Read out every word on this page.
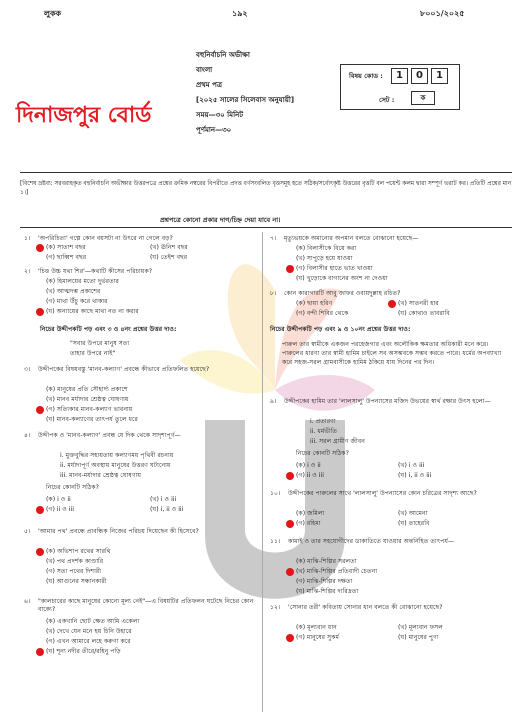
লুকক	১৯২	৮০০১/২০২৫
বহুনির্বাচনি অভীক্ষা
বাংলা
প্রথম পত্র
[২০২৫ সালের সিলেবাস অনুযায়ী]
সময়—৩০ মিনিট
পূর্ণমান—৩০
দিনাজপুর বোর্ড
বিষয় কোড :	1	0	1
সেট :	ক
[বিশেষ দ্রষ্টব্য: সরবরাহকৃত বহুনির্বাচনি অভীক্ষার উত্তরপত্রে প্রশ্নের ক্রমিক নম্বরের বিপরীতে প্রদত্ত বর্ণসংবলিত বৃত্তসমূহ হতে সঠিক/সর্বোৎকৃষ্ট উত্তরের বৃত্তটি বল পয়েন্ট কলম দ্বারা সম্পূর্ণ ভরাট কর। প্রতিটি প্রশ্নের মান ১।]
প্রশ্নপত্রে কোনো প্রকার দাগ/চিহ্ন দেয়া যাবে না।
১। 'অপরিচিতা' গল্পে কোন বয়সটা না উৎরে না গেলে বড়?
(ক) সাতাশ বছর	(খ) ঊনিশ বছর
(গ) ছাব্বিশ বছর	(ঘ) তেইশ বছর
২। 'চিত্ত উচ্চ যথা শির'—কথাটি কীসের পরিচায়ক?
(ক) হিমালয়ের মতো দুর্ভরতার
(খ) আত্মদম্ভ প্রকাশের
(গ) মাথা উঁচু করে থাকার
(ঘ) অন্যায়ের কাছে মাথা নত না করার
নিচের উদ্দীপকটি পড় এবং ৩ ও ৪নং প্রশ্নের উত্তর দাও:
"সবার উপরে মানুষ সত্য
তাহার উপরে নাই"
৩। উদ্দীপকের বিষয়বস্তু 'মানব-কল্যাণ' প্রবন্ধে কীভাবে প্রতিফলিত হয়েছে?
(ক) মানুষের প্রতি সৌহার্দ্য প্রকাশে
(খ) মানব মর্যাদার শ্রেষ্ঠত্ব ঘোষণায়
(গ) সত্যিকার মানব-কল্যাণ ভাবনায়
(ঘ) মানব-কল্যাণের তাৎপর্য তুলে ধরে
৪। উদ্দীপক ও 'মানব-কল্যাণ' প্রবন্ধ যে দিক থেকে সাদৃশ্যপূর্ণ—
i. মুক্তবুদ্ধির সহায়তায় কল্যাণময় পৃথিবী রচনায়
ii. মর্যাদাপূর্ণ অবস্থায় মানুষের উত্তরণ ঘটানোয়
iii. মানব-মর্যাদার শ্রেষ্ঠত্ব ঘোষণায়
নিচের কোনটি সঠিক?
(ক) i ও ii	(খ) i ও iii
(গ) ii ও iii	(ঘ) i, ii ও iii
৫। 'আমার পথ' প্রবন্ধে প্রাবন্ধিক নিজের পরিচয় দিয়েছেন কী হিসেবে?
(ক) অভিশাপ রথের সারথি
(খ) পথ প্রদর্শক কাণ্ডারি
(গ) সত্য পথের দিশারী
(ঘ) আগুনের সন্ধানকারী
৬। "কালচারের কাছে মানুষের কোনো মূল্য নেই"—এ বিষয়টির প্রতিফলন ঘটেছে নিচের কোন বাক্যে?
(ক) একখানি ছোট ক্ষেত আমি একেলা
(খ) দেখে যেন মনে হয় চিনি উহারে
(গ) এখন আমারে লহে করুণা করে
(ঘ) শূন্য নদীর তীরে/রহিনু পড়ি
৭। মৃত্যুভয়কে অমান্যের অপমান বলতে বোঝানো হয়েছে—
(ক) বিলাসীকে বিয়ে করা
(খ) সাপুড়ে হয়ে যাওয়া
(গ) বিলাসীর হাতে ভাত খাওয়া
(ঘ) খুড়োকে বাগানের অংশ না দেওয়া
৮। কোন কারাগারটি আবু জাফর ওবায়দুল্লাহ রচিত?
(ক) ছায়া হরিণ	(খ) সাতনরী হার
(গ) বন্দী শিবির থেকে	(ঘ) কোথাও তাবরাবি
নিচের উদ্দীপকটি পড় এবং ৯ ও ১০নং প্রশ্নের উত্তর দাও:
পারুল তার স্বামীকে একজন পরহেজগার এবং অলৌকিক ক্ষমতার অধিকারী মনে করে। পারুলের ধারণা তার স্বামী হামিম চাইলে সব অসম্ভবকে সম্ভব করতে পারে। ধর্মের অপব্যাখ্যা করে সহজ-সরল গ্রামবাসীকে হামিম ঠকিয়ে যায় দিনের পর দিন।
৯। উদ্দীপকের হামিম তার 'লালসালু' উপন্যাসের মজিদ উভয়ের স্বার্থ রক্ষার উৎস হলো—
i. প্রতারণা
ii. ধর্মভীতি
iii. সরল গ্রামীণ জীবন
নিচের কোনটি সঠিক?
(ক) i ও ii	(খ) i ও iii
(গ) ii ও iii	(ঘ) i, ii ও iii
১০। উদ্দীপকের পারুলের সাথে 'লালসালু' উপন্যাসের কোন চরিত্রের সাদৃশ্য আছে?
(ক) জমিলা	(খ) আমেনা
(গ) রহিমা	(ঘ) তাহেরবি
১১। কামাই ও তার সহযোগীদের ডাকাতিতে যাওয়ার অন্তর্নিহিত তাৎপর্য—
(ক) মাঝি-শিল্পির সরলতা
(খ) মাঝি-শিল্পির প্রতিবাদী চেতনা
(গ) মাঝি-শিল্পির দক্ষতা
(ঘ) মাঝি-শিল্পির দারিদ্রতা
১২। 'সোনার তরী' কবিতায় সোনার ধান বলতে কী বোঝানো হয়েছে?
(ক) মূল্যবান ধান	(খ) মূল্যবান ফসল
(গ) মানুষের সুকর্ম	(ঘ) মানুষের পুণ্য
